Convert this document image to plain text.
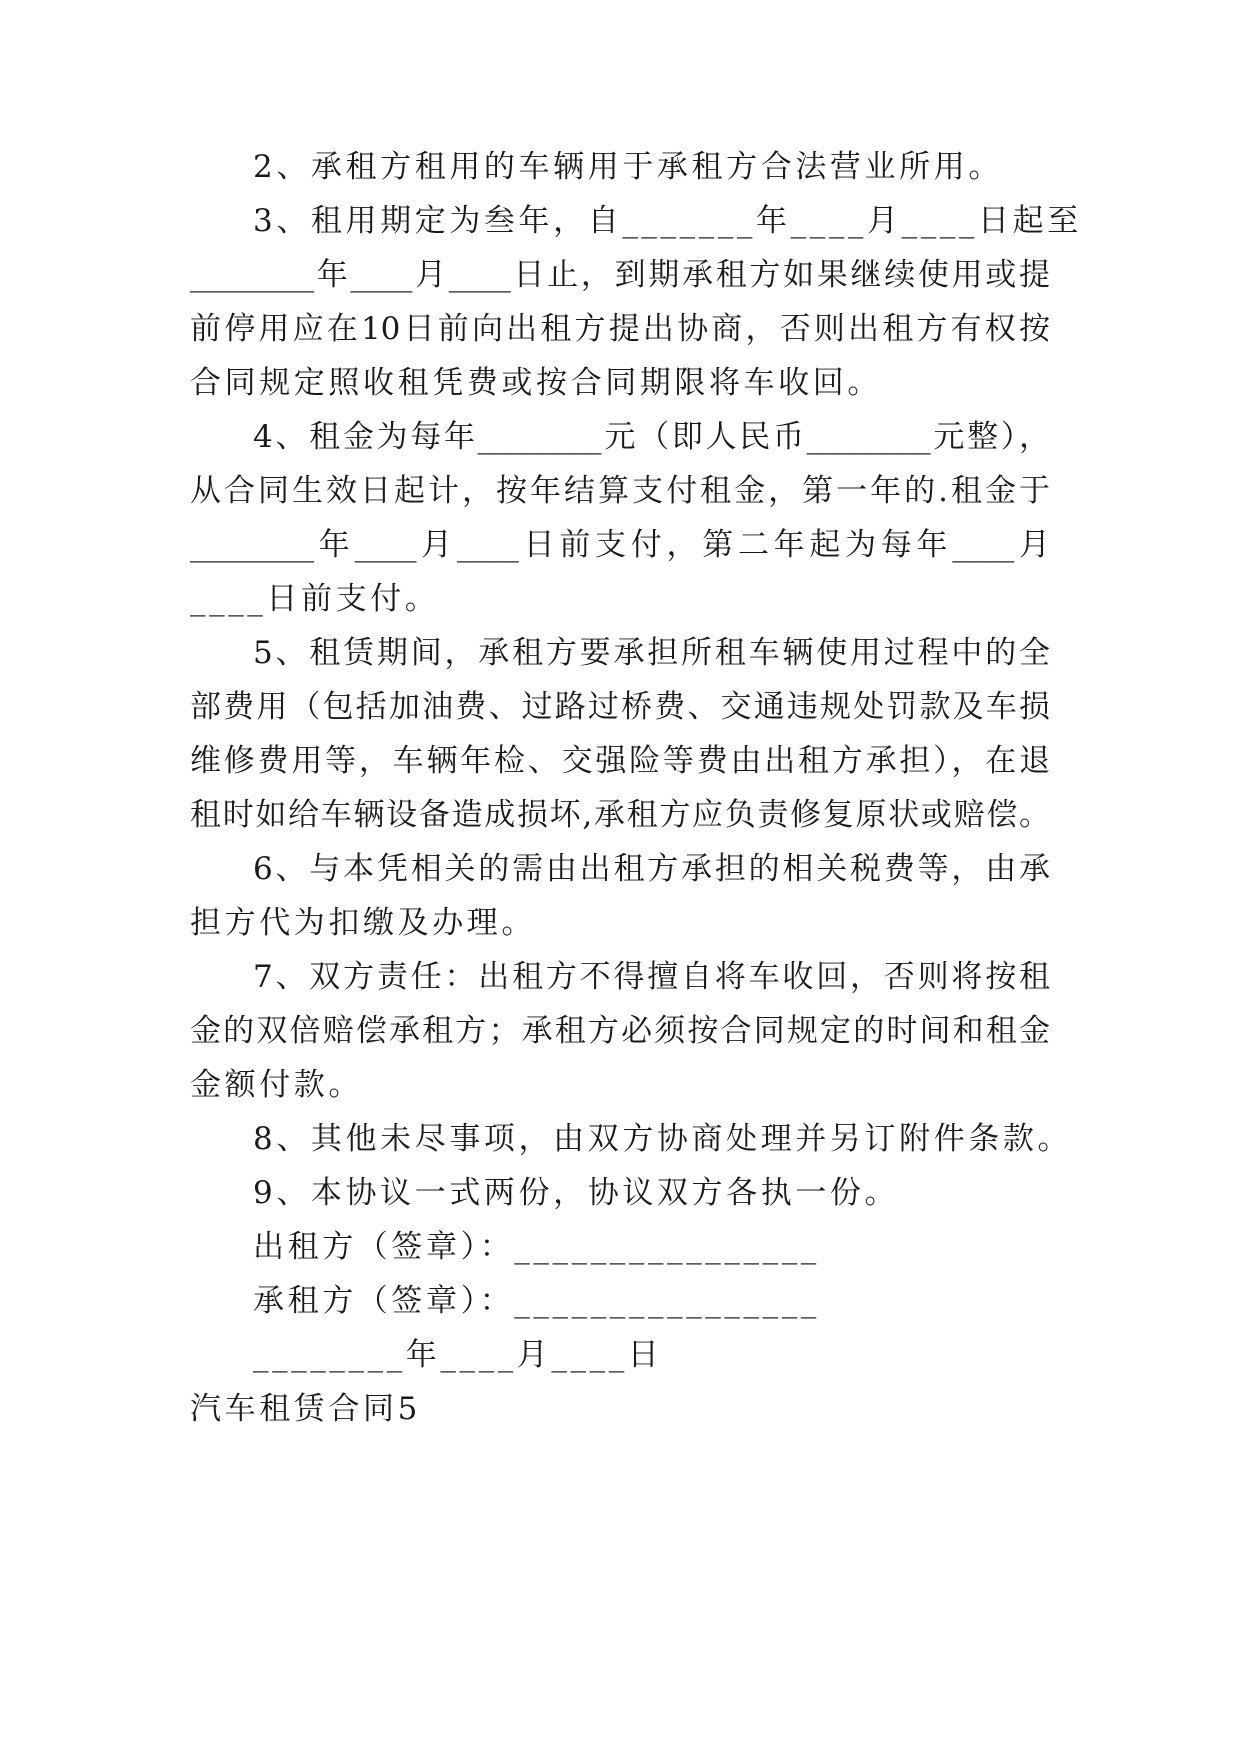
2、承租方租用的车辆用于承租方合法营业所用。
3、租用期定为叁年，自_______年____月____日起至
________年____月____日止，到期承租方如果继续使用或提
前停用应在10日前向出租方提出协商，否则出租方有权按
合同规定照收租凭费或按合同期限将车收回。
4、租金为每年________元（即人民币________元整），
从合同生效日起计，按年结算支付租金，第一年的.租金于
________年____月____日前支付，第二年起为每年____月
____日前支付。
5、租赁期间，承租方要承担所租车辆使用过程中的全
部费用（包括加油费、过路过桥费、交通违规处罚款及车损
维修费用等，车辆年检、交强险等费由出租方承担），在退
租时如给车辆设备造成损坏,承租方应负责修复原状或赔偿。
6、与本凭相关的需由出租方承担的相关税费等，由承
担方代为扣缴及办理。
7、双方责任：出租方不得擅自将车收回，否则将按租
金的双倍赔偿承租方；承租方必须按合同规定的时间和租金
金额付款。
8、其他未尽事项，由双方协商处理并另订附件条款。
9、本协议一式两份，协议双方各执一份。
出租方（签章）：________________
承租方（签章）：________________
________年____月____日
汽车租赁合同5
